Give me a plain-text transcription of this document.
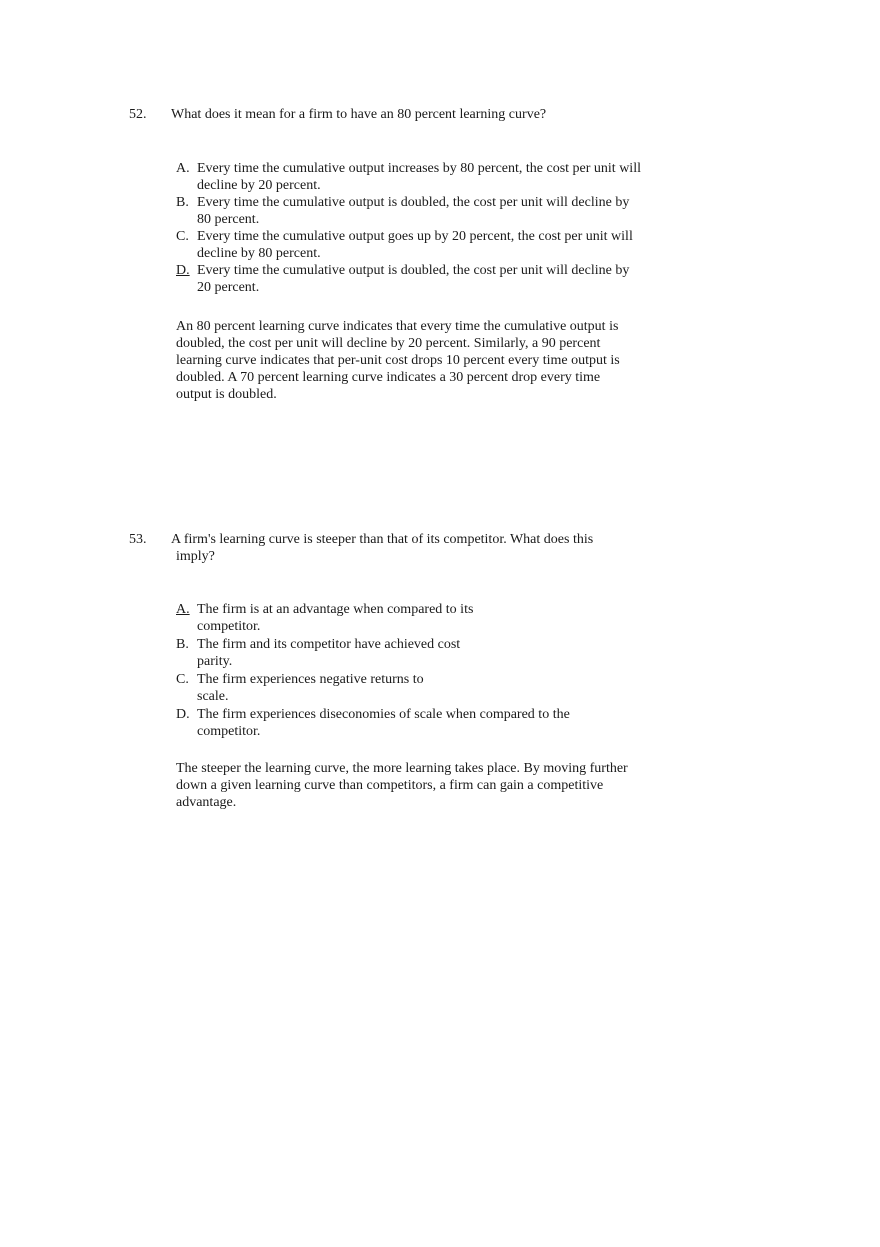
52. What does it mean for a firm to have an 80 percent learning curve?
A. Every time the cumulative output increases by 80 percent, the cost per unit will
decline by 20 percent.
B. Every time the cumulative output is doubled, the cost per unit will decline by
80 percent.
C. Every time the cumulative output goes up by 20 percent, the cost per unit will
decline by 80 percent.
D. Every time the cumulative output is doubled, the cost per unit will decline by
20 percent.
An 80 percent learning curve indicates that every time the cumulative output is
doubled, the cost per unit will decline by 20 percent. Similarly, a 90 percent
learning curve indicates that per-unit cost drops 10 percent every time output is
doubled. A 70 percent learning curve indicates a 30 percent drop every time
output is doubled.
53. A firm's learning curve is steeper than that of its competitor. What does this
imply?
A. The firm is at an advantage when compared to its
competitor.
B. The firm and its competitor have achieved cost
parity.
C. The firm experiences negative returns to
scale.
D. The firm experiences diseconomies of scale when compared to the
competitor.
The steeper the learning curve, the more learning takes place. By moving further
down a given learning curve than competitors, a firm can gain a competitive
advantage.
